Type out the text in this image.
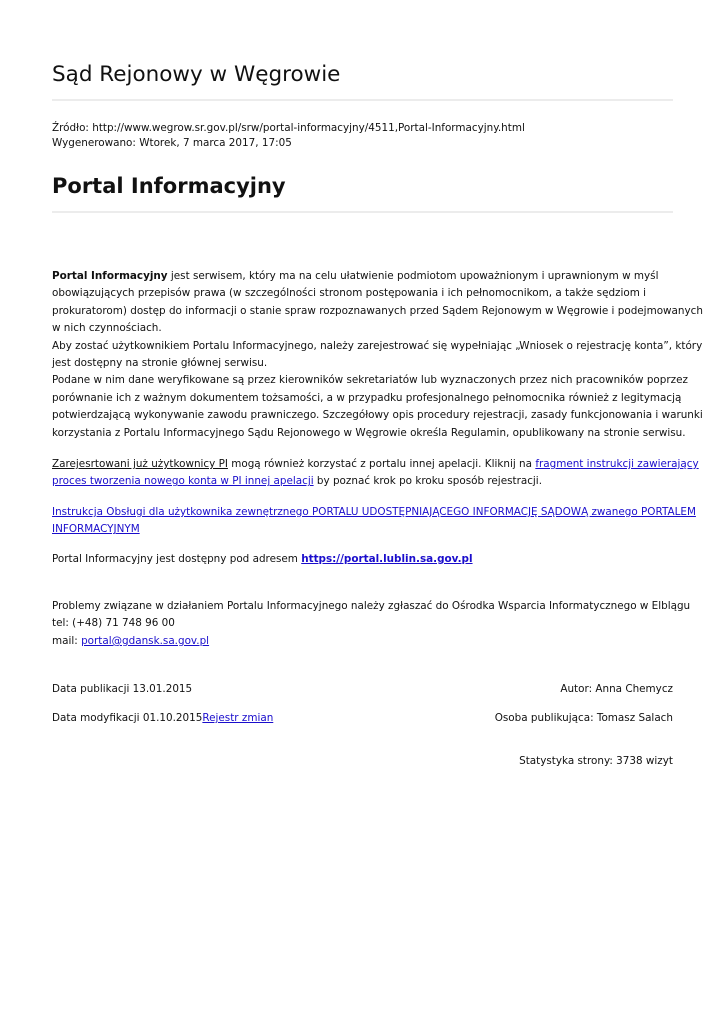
Sąd Rejonowy w Węgrowie
Źródło: http://www.wegrow.sr.gov.pl/srw/portal-informacyjny/4511,Portal-Informacyjny.html
Wygenerowano: Wtorek, 7 marca 2017, 17:05
Portal Informacyjny
Portal Informacyjny jest serwisem, który ma na celu ułatwienie podmiotom upoważnionym i uprawnionym w myśl
obowiązujących przepisów prawa (w szczególności stronom postępowania i ich pełnomocnikom, a także sędziom i
prokuratorom) dostęp do informacji o stanie spraw rozpoznawanych przed Sądem Rejonowym w Węgrowie i podejmowanych
w nich czynnościach.
Aby zostać użytkownikiem Portalu Informacyjnego, należy zarejestrować się wypełniając „Wniosek o rejestrację konta”, który
jest dostępny na stronie głównej serwisu.
Podane w nim dane weryfikowane są przez kierowników sekretariatów lub wyznaczonych przez nich pracowników poprzez
porównanie ich z ważnym dokumentem tożsamości, a w przypadku profesjonalnego pełnomocnika również z legitymacją
potwierdzającą wykonywanie zawodu prawniczego. Szczegółowy opis procedury rejestracji, zasady funkcjonowania i warunki
korzystania z Portalu Informacyjnego Sądu Rejonowego w Węgrowie określa Regulamin, opublikowany na stronie serwisu.
Zarejesrtowani już użytkownicy PI mogą również korzystać z portalu innej apelacji. Kliknij na fragment instrukcji zawierający
proces tworzenia nowego konta w PI innej apelacji by poznać krok po kroku sposób rejestracji.
Instrukcja Obsługi dla użytkownika zewnętrznego PORTALU UDOSTĘPNIAJĄCEGO INFORMACJĘ SĄDOWĄ zwanego PORTALEM
INFORMACYJNYM
Portal Informacyjny jest dostępny pod adresem https://portal.lublin.sa.gov.pl
Problemy związane w działaniem Portalu Informacyjnego należy zgłaszać do Ośrodka Wsparcia Informatycznego w Elblągu
tel: (+48) 71 748 96 00
mail: portal@gdansk.sa.gov.pl
Data publikacji 13.01.2015	Autor: Anna Chemycz
Data modyfikacji 01.10.2015Rejestr zmian	Osoba publikująca: Tomasz Salach
Statystyka strony: 3738 wizyt
